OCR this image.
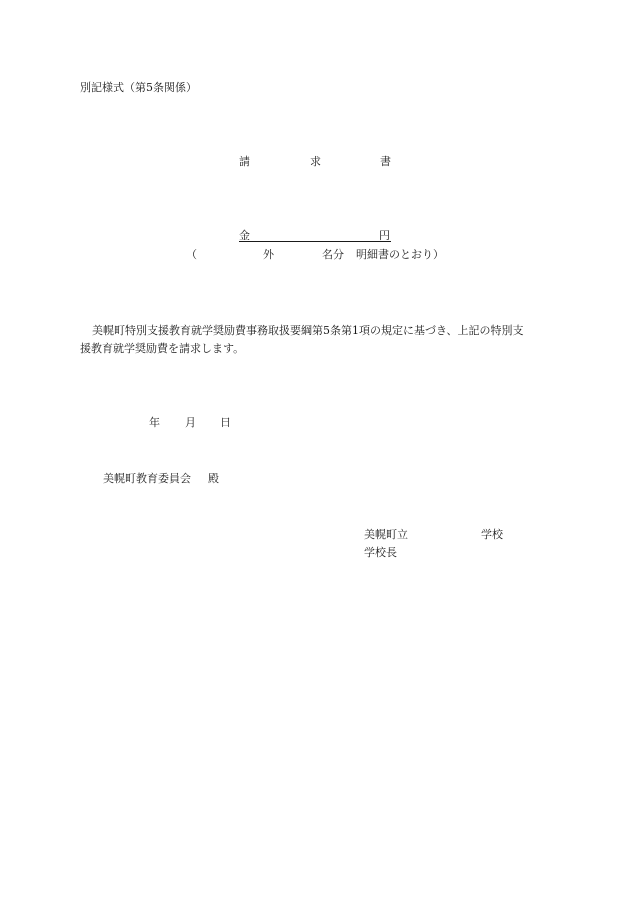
別記様式（第5条関係）
請	求	書
金	円
（	外	名分 明細書のとおり）
美幌町特別支援教育就学奨励費事務取扱要綱第5条第1項の規定に基づき、上記の特別支
援教育就学奨励費を請求します。
年 月 日
美幌町教育委員会 殿
美幌町立	学校
学校長
